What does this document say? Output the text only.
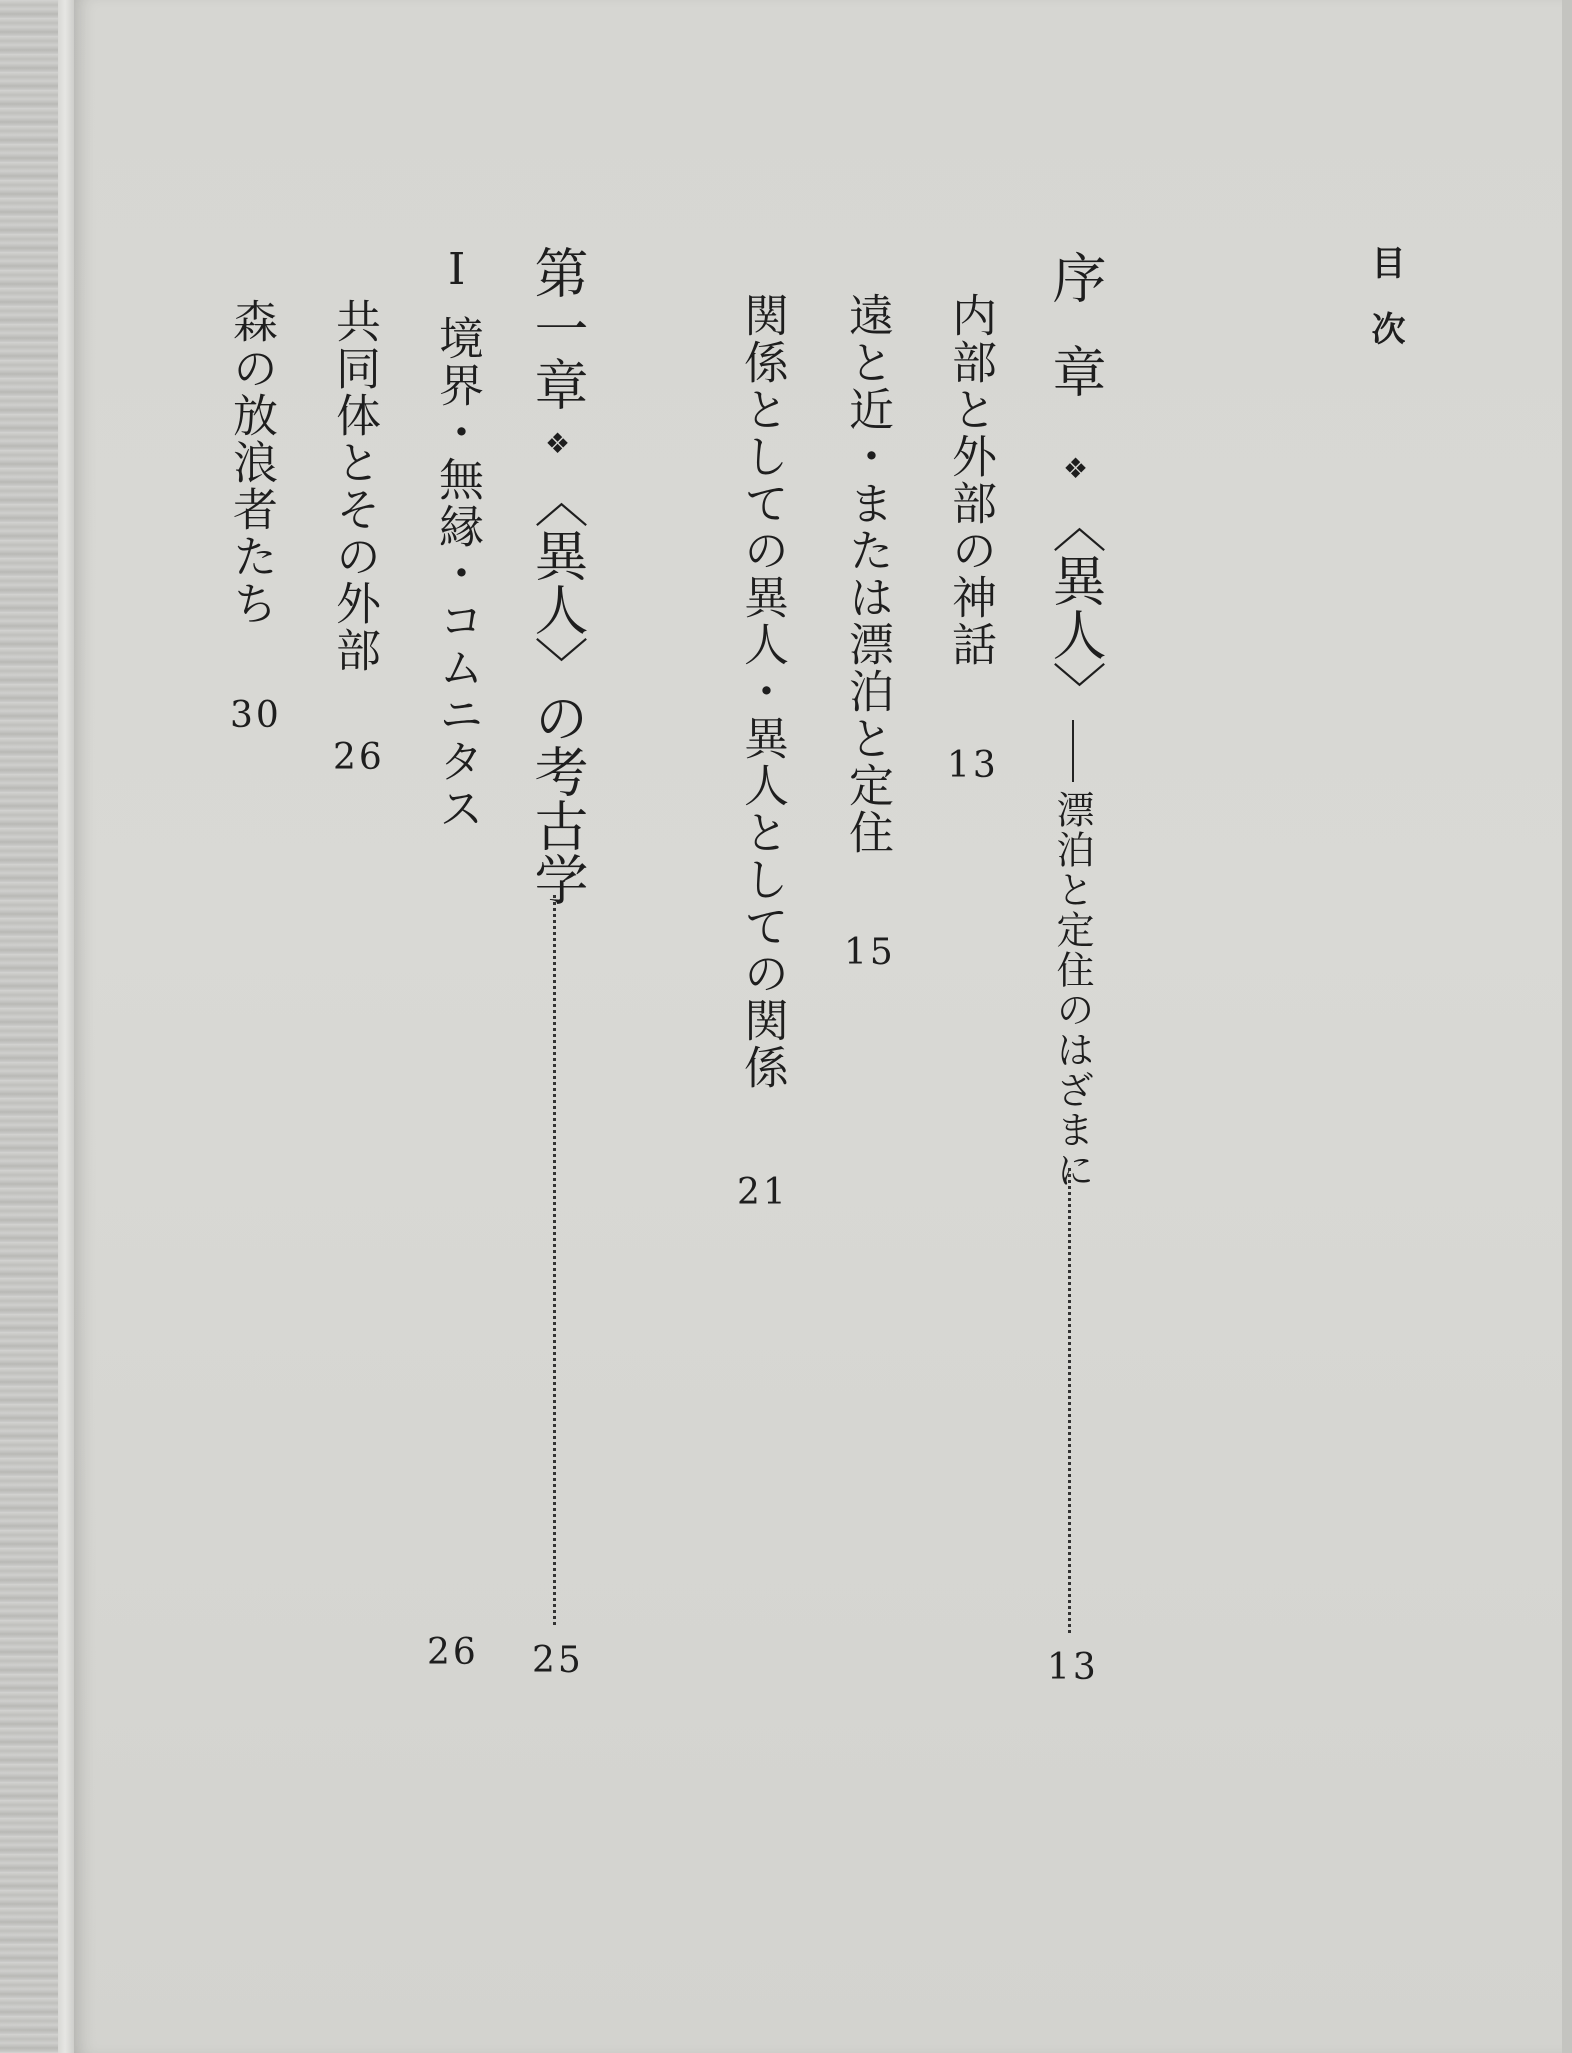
目次
序章❖〈異人〉
漂泊と定住のはざまに
13
内部と外部の神話
13
遠と近・または漂泊と定住
15
関係としての異人・異人としての関係
21
第一章❖〈異人〉の考古学
25
I
境界・無縁・コムニタス
26
共同体とその外部
26
森の放浪者たち
30
